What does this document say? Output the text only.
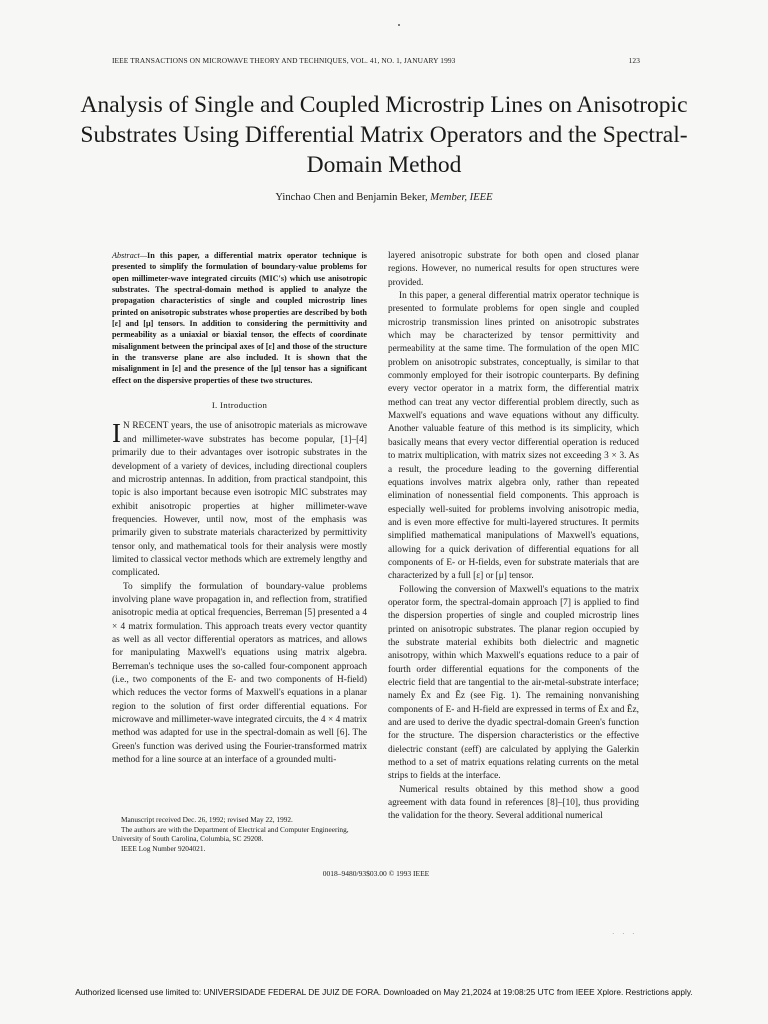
IEEE TRANSACTIONS ON MICROWAVE THEORY AND TECHNIQUES, VOL. 41, NO. 1, JANUARY 1993	123
Analysis of Single and Coupled Microstrip Lines on Anisotropic Substrates Using Differential Matrix Operators and the Spectral-Domain Method
Yinchao Chen and Benjamin Beker, Member, IEEE

Abstract—In this paper, a differential matrix operator technique is presented to simplify the formulation of boundary-value problems for open millimeter-wave integrated circuits (MIC's) which use anisotropic substrates. The spectral-domain method is applied to analyze the propagation characteristics of single and coupled microstrip lines printed on anisotropic substrates whose properties are described by both [ε] and [μ] tensors. In addition to considering the permittivity and permeability as a uniaxial or biaxial tensor, the effects of coordinate misalignment between the principal axes of [ε] and those of the structure in the transverse plane are also included. It is shown that the misalignment in [ε] and the presence of the [μ] tensor has a significant effect on the dispersive properties of these two structures.

I. Introduction

I N RECENT years, the use of anisotropic materials as microwave and millimeter-wave substrates has become popular, [1]–[4] primarily due to their advantages over isotropic substrates in the development of a variety of devices, including directional couplers and microstrip antennas. In addition, from practical standpoint, this topic is also important because even isotropic MIC substrates may exhibit anisotropic properties at higher millimeter-wave frequencies. However, until now, most of the emphasis was primarily given to substrate materials characterized by permittivity tensor only, and mathematical tools for their analysis were mostly limited to classical vector methods which are extremely lengthy and complicated.

To simplify the formulation of boundary-value problems involving plane wave propagation in, and reflection from, stratified anisotropic media at optical frequencies, Berreman [5] presented a 4 × 4 matrix formulation. This approach treats every vector quantity as well as all vector differential operators as matrices, and allows for manipulating Maxwell's equations using matrix algebra. Berreman's technique uses the so-called four-component approach (i.e., two components of the E- and two components of H-field) which reduces the vector forms of Maxwell's equations in a planar region to the solution of first order differential equations. For microwave and millimeter-wave integrated circuits, the 4 × 4 matrix method was adapted for use in the spectral-domain as well [6]. The Green's function was derived using the Fourier-transformed matrix method for a line source at an interface of a grounded multi-

Manuscript received Dec. 26, 1992; revised May 22, 1992.

The authors are with the Department of Electrical and Computer Engineering, University of South Carolina, Columbia, SC 29208.

IEEE Log Number 9204021.

layered anisotropic substrate for both open and closed planar regions. However, no numerical results for open structures were provided.

In this paper, a general differential matrix operator technique is presented to formulate problems for open single and coupled microstrip transmission lines printed on anisotropic substrates which may be characterized by tensor permittivity and permeability at the same time. The formulation of the open MIC problem on anisotropic substrates, conceptually, is similar to that commonly employed for their isotropic counterparts. By defining every vector operator in a matrix form, the differential matrix method can treat any vector differential problem directly, such as Maxwell's equations and wave equations without any difficulty. Another valuable feature of this method is its simplicity, which basically means that every vector differential operation is reduced to matrix multiplication, with matrix sizes not exceeding 3 × 3. As a result, the procedure leading to the governing differential equations involves matrix algebra only, rather than repeated elimination of nonessential field components. This approach is especially well-suited for problems involving anisotropic media, and is even more effective for multi-layered structures. It permits simplified mathematical manipulations of Maxwell's equations, allowing for a quick derivation of differential equations for all components of E- or H-fields, even for substrate materials that are characterized by a full [ε] or [μ] tensor.

Following the conversion of Maxwell's equations to the matrix operator form, the spectral-domain approach [7] is applied to find the dispersion properties of single and coupled microstrip lines printed on anisotropic substrates. The planar region occupied by the substrate material exhibits both dielectric and magnetic anisotropy, within which Maxwell's equations reduce to a pair of fourth order differential equations for the components of the electric field that are tangential to the air-metal-substrate interface; namely Ẽx and Ẽz (see Fig. 1). The remaining nonvanishing components of E- and H-field are expressed in terms of Ẽx and Ẽz, and are used to derive the dyadic spectral-domain Green's function for the structure. The dispersion characteristics or the effective dielectric constant (εeff) are calculated by applying the Galerkin method to a set of matrix equations relating currents on the metal strips to fields at the interface.

Numerical results obtained by this method show a good agreement with data found in references [8]–[10], thus providing the validation for the theory. Several additional numerical

0018–9480/93$03.00 © 1993 IEEE
· · ·
Authorized licensed use limited to: UNIVERSIDADE FEDERAL DE JUIZ DE FORA. Downloaded on May 21,2024 at 19:08:25 UTC from IEEE Xplore. Restrictions apply.
